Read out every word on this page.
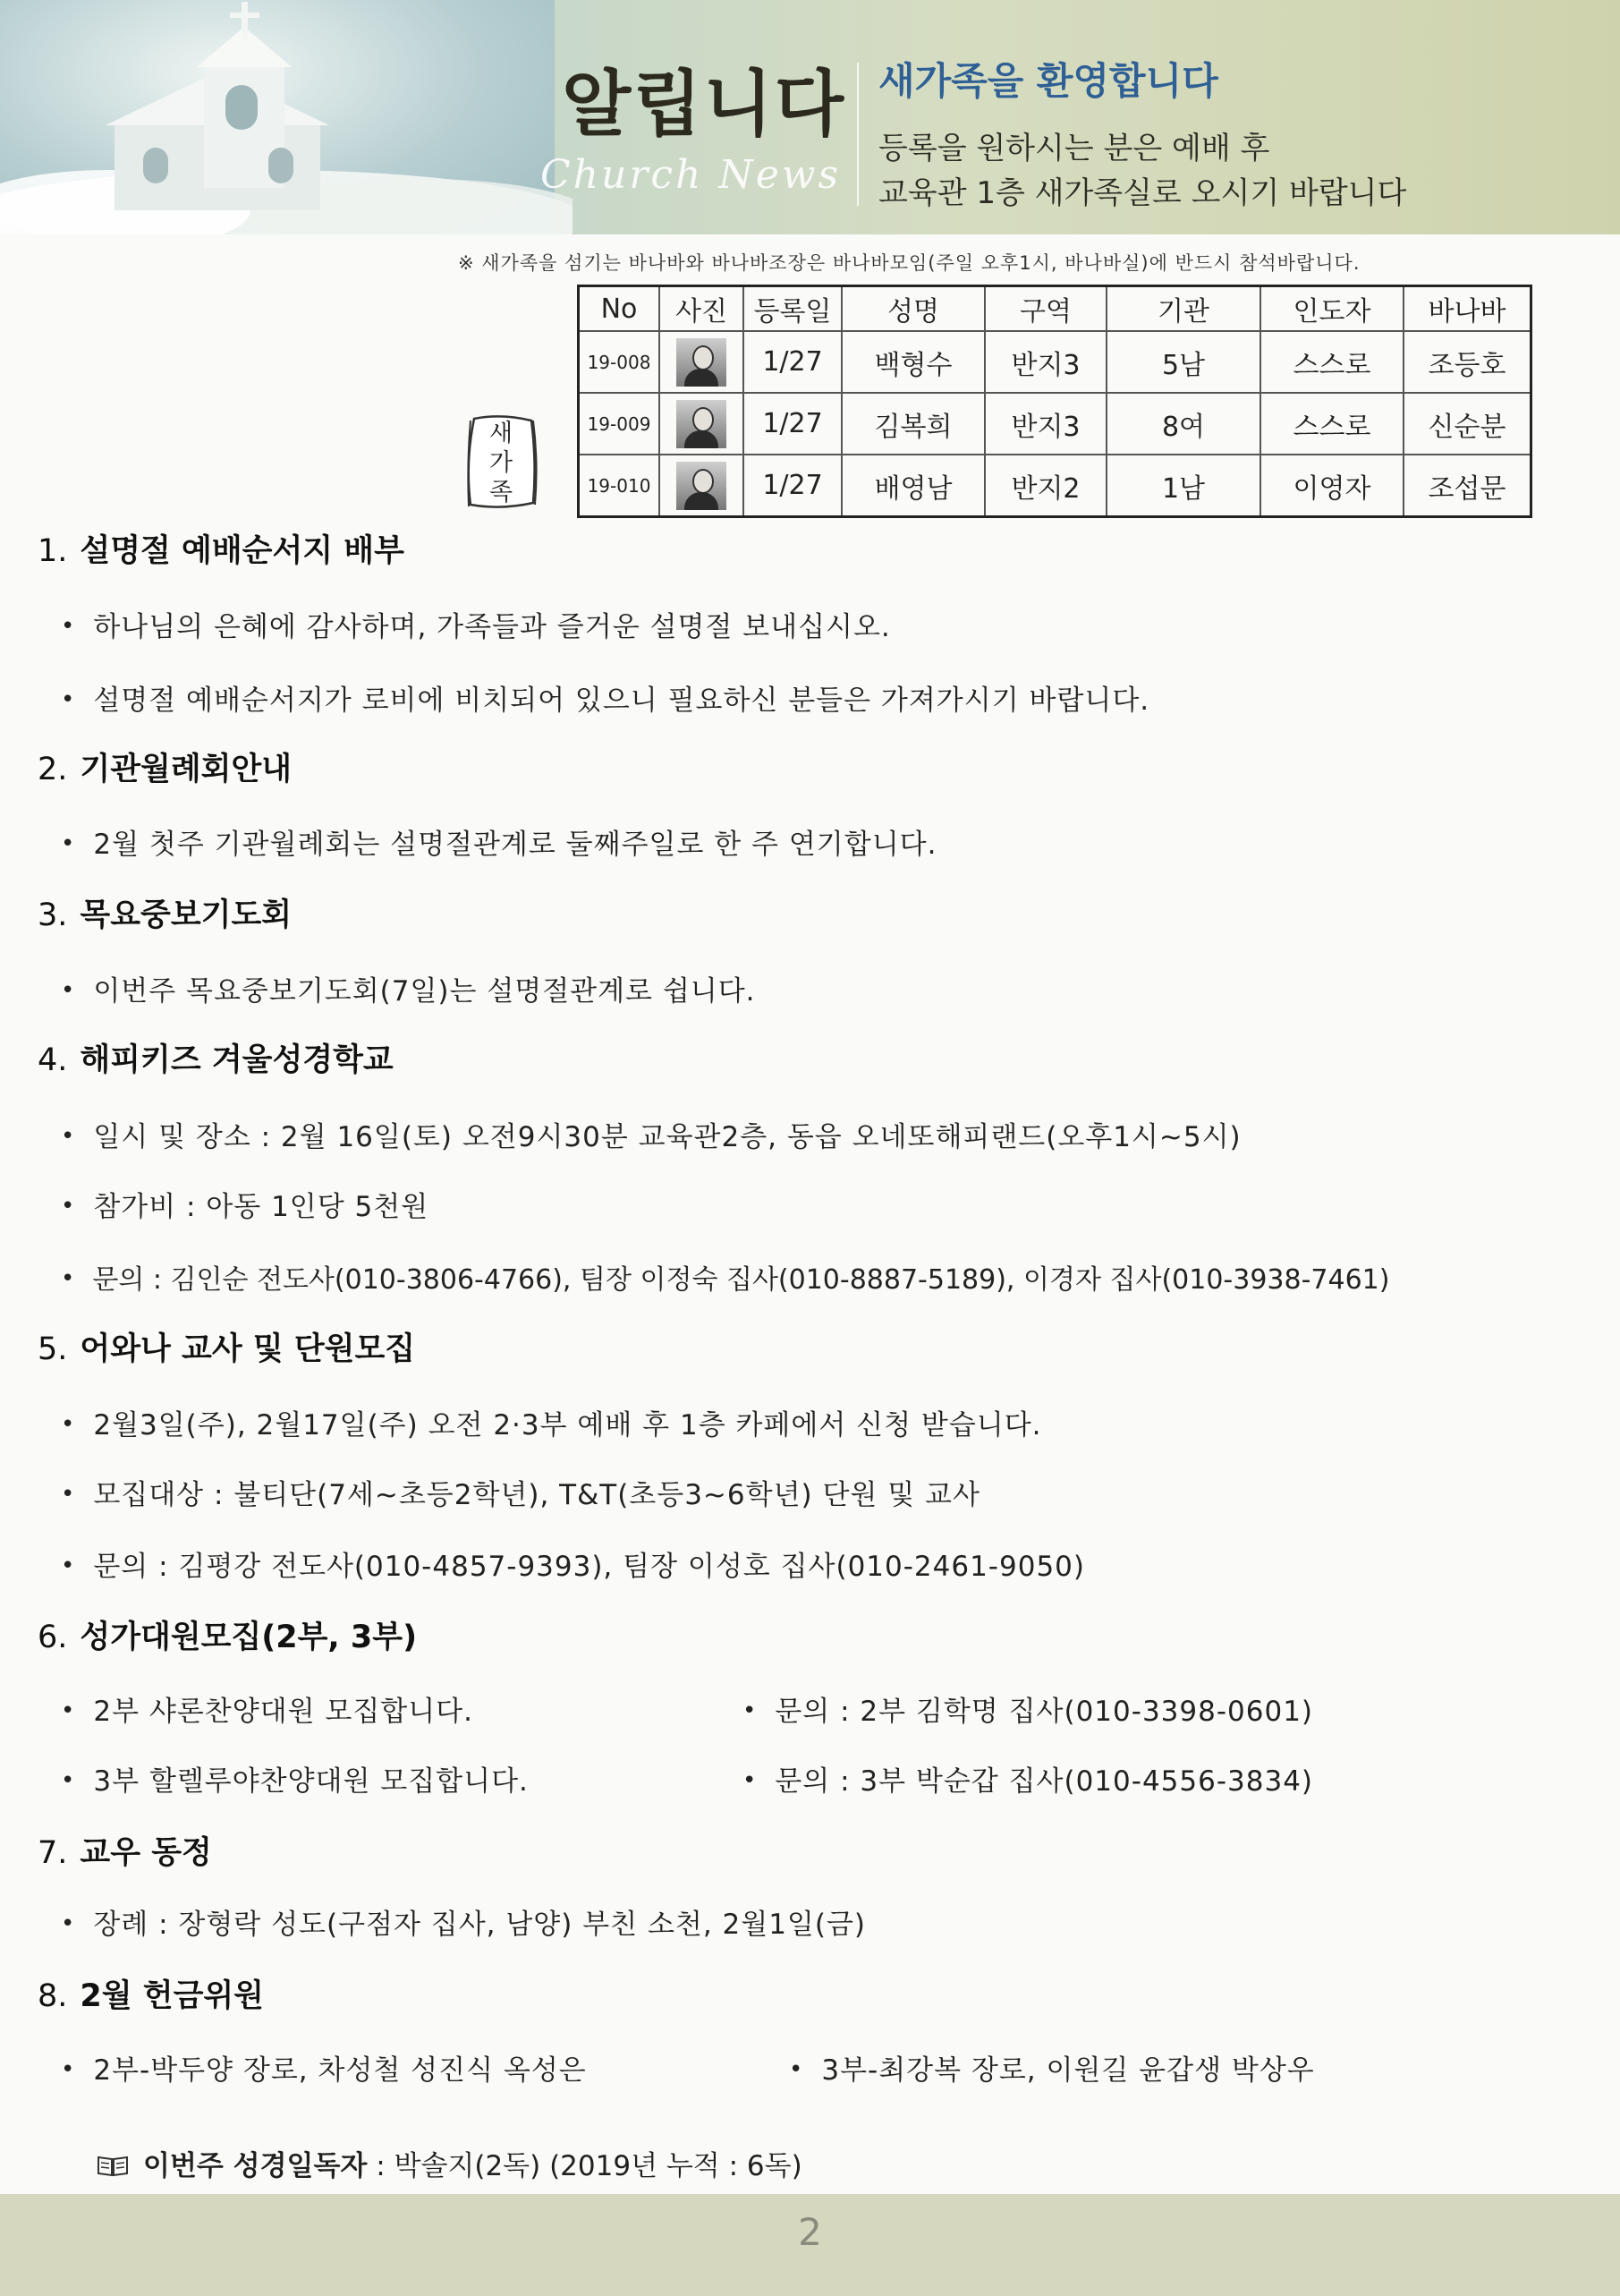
알립니다
Church News
새가족을 환영합니다
등록을 원하시는 분은 예배 후
교육관 1층 새가족실로 오시기 바랍니다
※ 새가족을 섬기는 바나바와 바나바조장은 바나바모임(주일 오후1시, 바나바실)에 반드시 참석바랍니다.
새
가
족
No	사진	등록일	성명	구역	기관	인도자	바나바
19-008		1/27	백형수	반지3	5남	스스로	조등호
19-009		1/27	김복희	반지3	8여	스스로	신순분
19-010		1/27	배영남	반지2	1남	이영자	조섭문
1. 설명절 예배순서지 배부
• 하나님의 은혜에 감사하며, 가족들과 즐거운 설명절 보내십시오.
• 설명절 예배순서지가 로비에 비치되어 있으니 필요하신 분들은 가져가시기 바랍니다.
2. 기관월례회안내
• 2월 첫주 기관월례회는 설명절관계로 둘째주일로 한 주 연기합니다.
3. 목요중보기도회
• 이번주 목요중보기도회(7일)는 설명절관계로 쉽니다.
4. 해피키즈 겨울성경학교
• 일시 및 장소 : 2월 16일(토) 오전9시30분 교육관2층, 동읍 오네또해피랜드(오후1시~5시)
• 참가비 : 아동 1인당 5천원
• 문의 : 김인순 전도사(010-3806-4766), 팀장 이정숙 집사(010-8887-5189), 이경자 집사(010-3938-7461)
5. 어와나 교사 및 단원모집
• 2월3일(주), 2월17일(주) 오전 2·3부 예배 후 1층 카페에서 신청 받습니다.
• 모집대상 : 불티단(7세~초등2학년), T&T(초등3~6학년) 단원 및 교사
• 문의 : 김평강 전도사(010-4857-9393), 팀장 이성호 집사(010-2461-9050)
6. 성가대원모집(2부, 3부)
• 2부 샤론찬양대원 모집합니다.	• 문의 : 2부 김학명 집사(010-3398-0601)
• 3부 할렐루야찬양대원 모집합니다.	• 문의 : 3부 박순갑 집사(010-4556-3834)
7. 교우 동정
• 장례 : 장형락 성도(구점자 집사, 남양) 부친 소천, 2월1일(금)
8. 2월 헌금위원
• 2부-박두양 장로, 차성철 성진식 옥성은	• 3부-최강복 장로, 이원길 윤갑생 박상우
이번주 성경일독자 : 박솔지(2독) (2019년 누적 : 6독)
2
